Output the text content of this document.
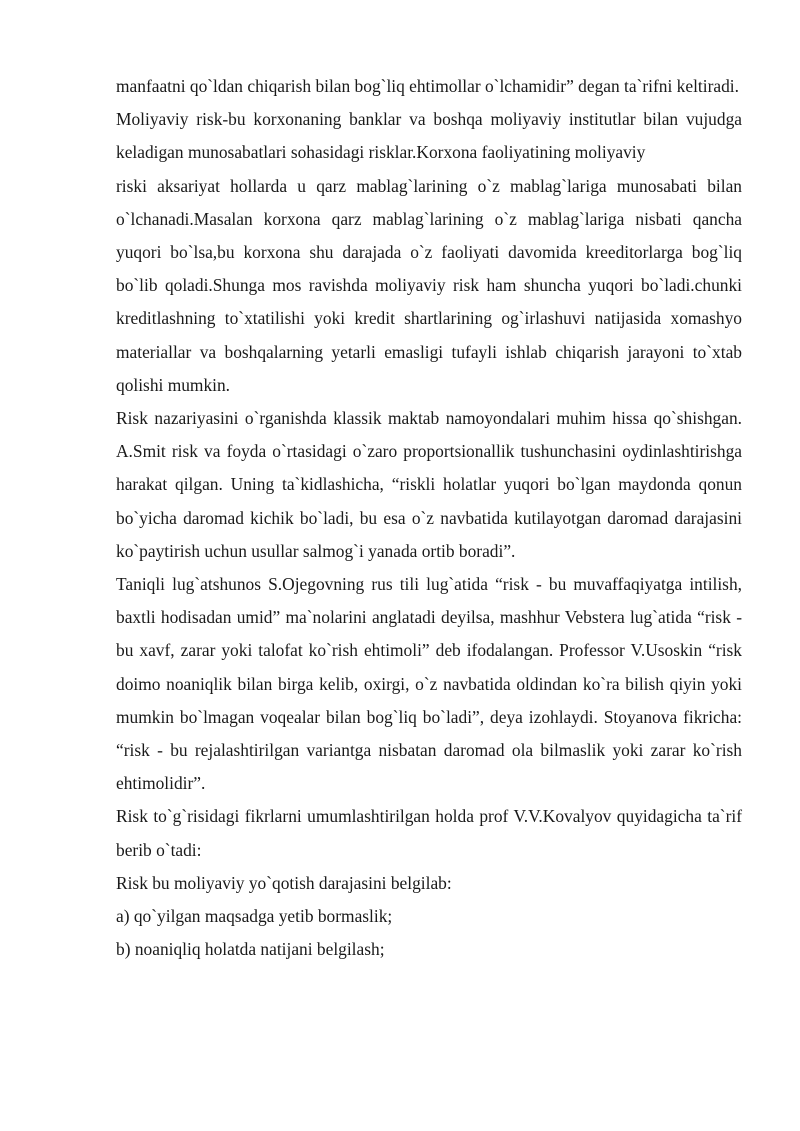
manfaatni qo`ldan chiqarish bilan bog`liq ehtimollar o`lchamidir” degan ta`rifni keltiradi.

Moliyaviy risk-bu korxonaning banklar va boshqa moliyaviy institutlar bilan vujudga keladigan munosabatlari sohasidagi risklar.Korxona faoliyatining moliyaviy

riski aksariyat hollarda u qarz mablag`larining o`z mablag`lariga munosabati bilan o`lchanadi.Masalan korxona qarz mablag`larining o`z mablag`lariga nisbati qancha yuqori bo`lsa,bu korxona shu darajada o`z faoliyati davomida kreeditorlarga bog`liq bo`lib qoladi.Shunga mos ravishda moliyaviy risk ham shuncha yuqori bo`ladi.chunki kreditlashning to`xtatilishi yoki kredit shartlarining og`irlashuvi natijasida xomashyo materiallar va boshqalarning yetarli emasligi tufayli ishlab chiqarish jarayoni to`xtab qolishi mumkin.

Risk nazariyasini o`rganishda klassik maktab namoyondalari muhim hissa qo`shishgan. A.Smit risk va foyda o`rtasidagi o`zaro proportsionallik tushunchasini oydinlashtirishga harakat qilgan. Uning ta`kidlashicha, “riskli holatlar yuqori bo`lgan maydonda qonun bo`yicha daromad kichik bo`ladi, bu esa o`z navbatida kutilayotgan daromad darajasini ko`paytirish uchun usullar salmog`i yanada ortib boradi”.

Taniqli lug`atshunos S.Ojegovning rus tili lug`atida “risk - bu muvaffaqiyatga intilish, baxtli hodisadan umid” ma`nolarini anglatadi deyilsa, mashhur Vebstera lug`atida “risk - bu xavf, zarar yoki talofat ko`rish ehtimoli” deb ifodalangan. Professor V.Usoskin “risk doimo noaniqlik bilan birga kelib, oxirgi, o`z navbatida oldindan ko`ra bilish qiyin yoki mumkin bo`lmagan voqealar bilan bog`liq bo`ladi”, deya izohlaydi. Stoyanova fikricha: “risk - bu rejalashtirilgan variantga nisbatan daromad ola bilmaslik yoki zarar ko`rish ehtimolidir”.

Risk to`g`risidagi fikrlarni umumlashtirilgan holda prof V.V.Kovalyov quyidagicha ta`rif berib o`tadi:

Risk bu moliyaviy yo`qotish darajasini belgilab:

a) qo`yilgan maqsadga yetib bormaslik;

b) noaniqliq holatda natijani belgilash;
